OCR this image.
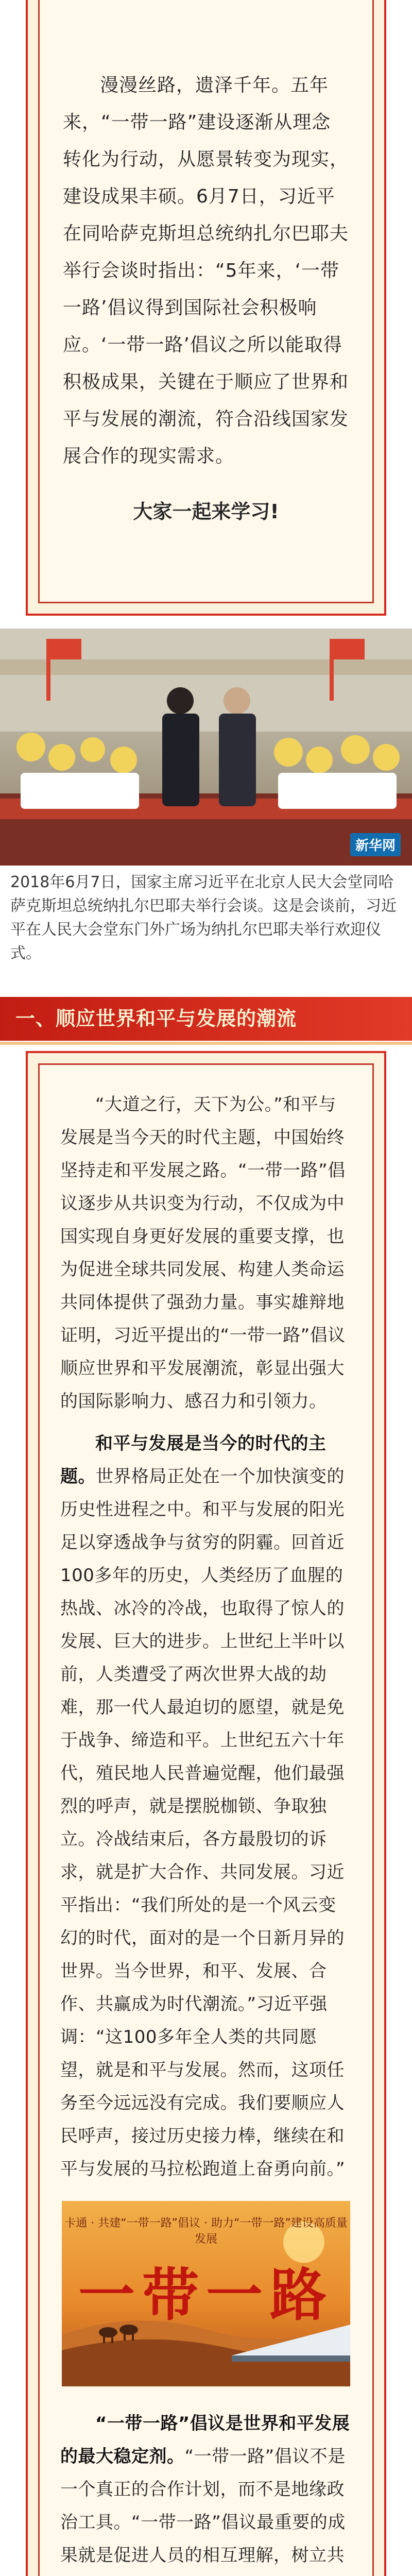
漫漫丝路，遗泽千年。五年来，“一带一路”建设逐渐从理念转化为行动，从愿景转变为现实，建设成果丰硕。6月7日，习近平在同哈萨克斯坦总统纳扎尔巴耶夫举行会谈时指出：“5年来，‘一带一路’倡议得到国际社会积极响应。‘一带一路’倡议之所以能取得积极成果，关键在于顺应了世界和平与发展的潮流，符合沿线国家发展合作的现实需求。

大家一起来学习!

新华网

2018年6月7日，国家主席习近平在北京人民大会堂同哈萨克斯坦总统纳扎尔巴耶夫举行会谈。这是会谈前，习近平在人民大会堂东门外广场为纳扎尔巴耶夫举行欢迎仪式。

一、顺应世界和平与发展的潮流

“大道之行，天下为公。”和平与发展是当今天的时代主题，中国始终坚持走和平发展之路。“一带一路”倡议逐步从共识变为行动，不仅成为中国实现自身更好发展的重要支撑，也为促进全球共同发展、构建人类命运共同体提供了强劲力量。事实雄辩地证明，习近平提出的“一带一路”倡议顺应世界和平发展潮流，彰显出强大的国际影响力、感召力和引领力。

和平与发展是当今的时代的主题。世界格局正处在一个加快演变的历史性进程之中。和平与发展的阳光足以穿透战争与贫穷的阴霾。回首近100多年的历史，人类经历了血腥的热战、冰冷的冷战，也取得了惊人的发展、巨大的进步。上世纪上半叶以前，人类遭受了两次世界大战的劫难，那一代人最迫切的愿望，就是免于战争、缔造和平。上世纪五六十年代，殖民地人民普遍觉醒，他们最强烈的呼声，就是摆脱枷锁、争取独立。冷战结束后，各方最殷切的诉求，就是扩大合作、共同发展。习近平指出：“我们所处的是一个风云变幻的时代，面对的是一个日新月异的世界。当今世界，和平、发展、合作、共赢成为时代潮流。”习近平强调：“这100多年全人类的共同愿望，就是和平与发展。然而，这项任务至今远远没有完成。我们要顺应人民呼声，接过历史接力棒，继续在和平与发展的马拉松跑道上奋勇向前。”

卡通 · 共建“一带一路”倡议 · 助力“一带一路”建设高质量发展
一带一路

“一带一路”倡议是世界和平发展的最大稳定剂。“一带一路”倡议不是一个真正的合作计划，而不是地缘政治工具。“一带一路”倡议最重要的成果就是促进人员的相互理解，树立共
